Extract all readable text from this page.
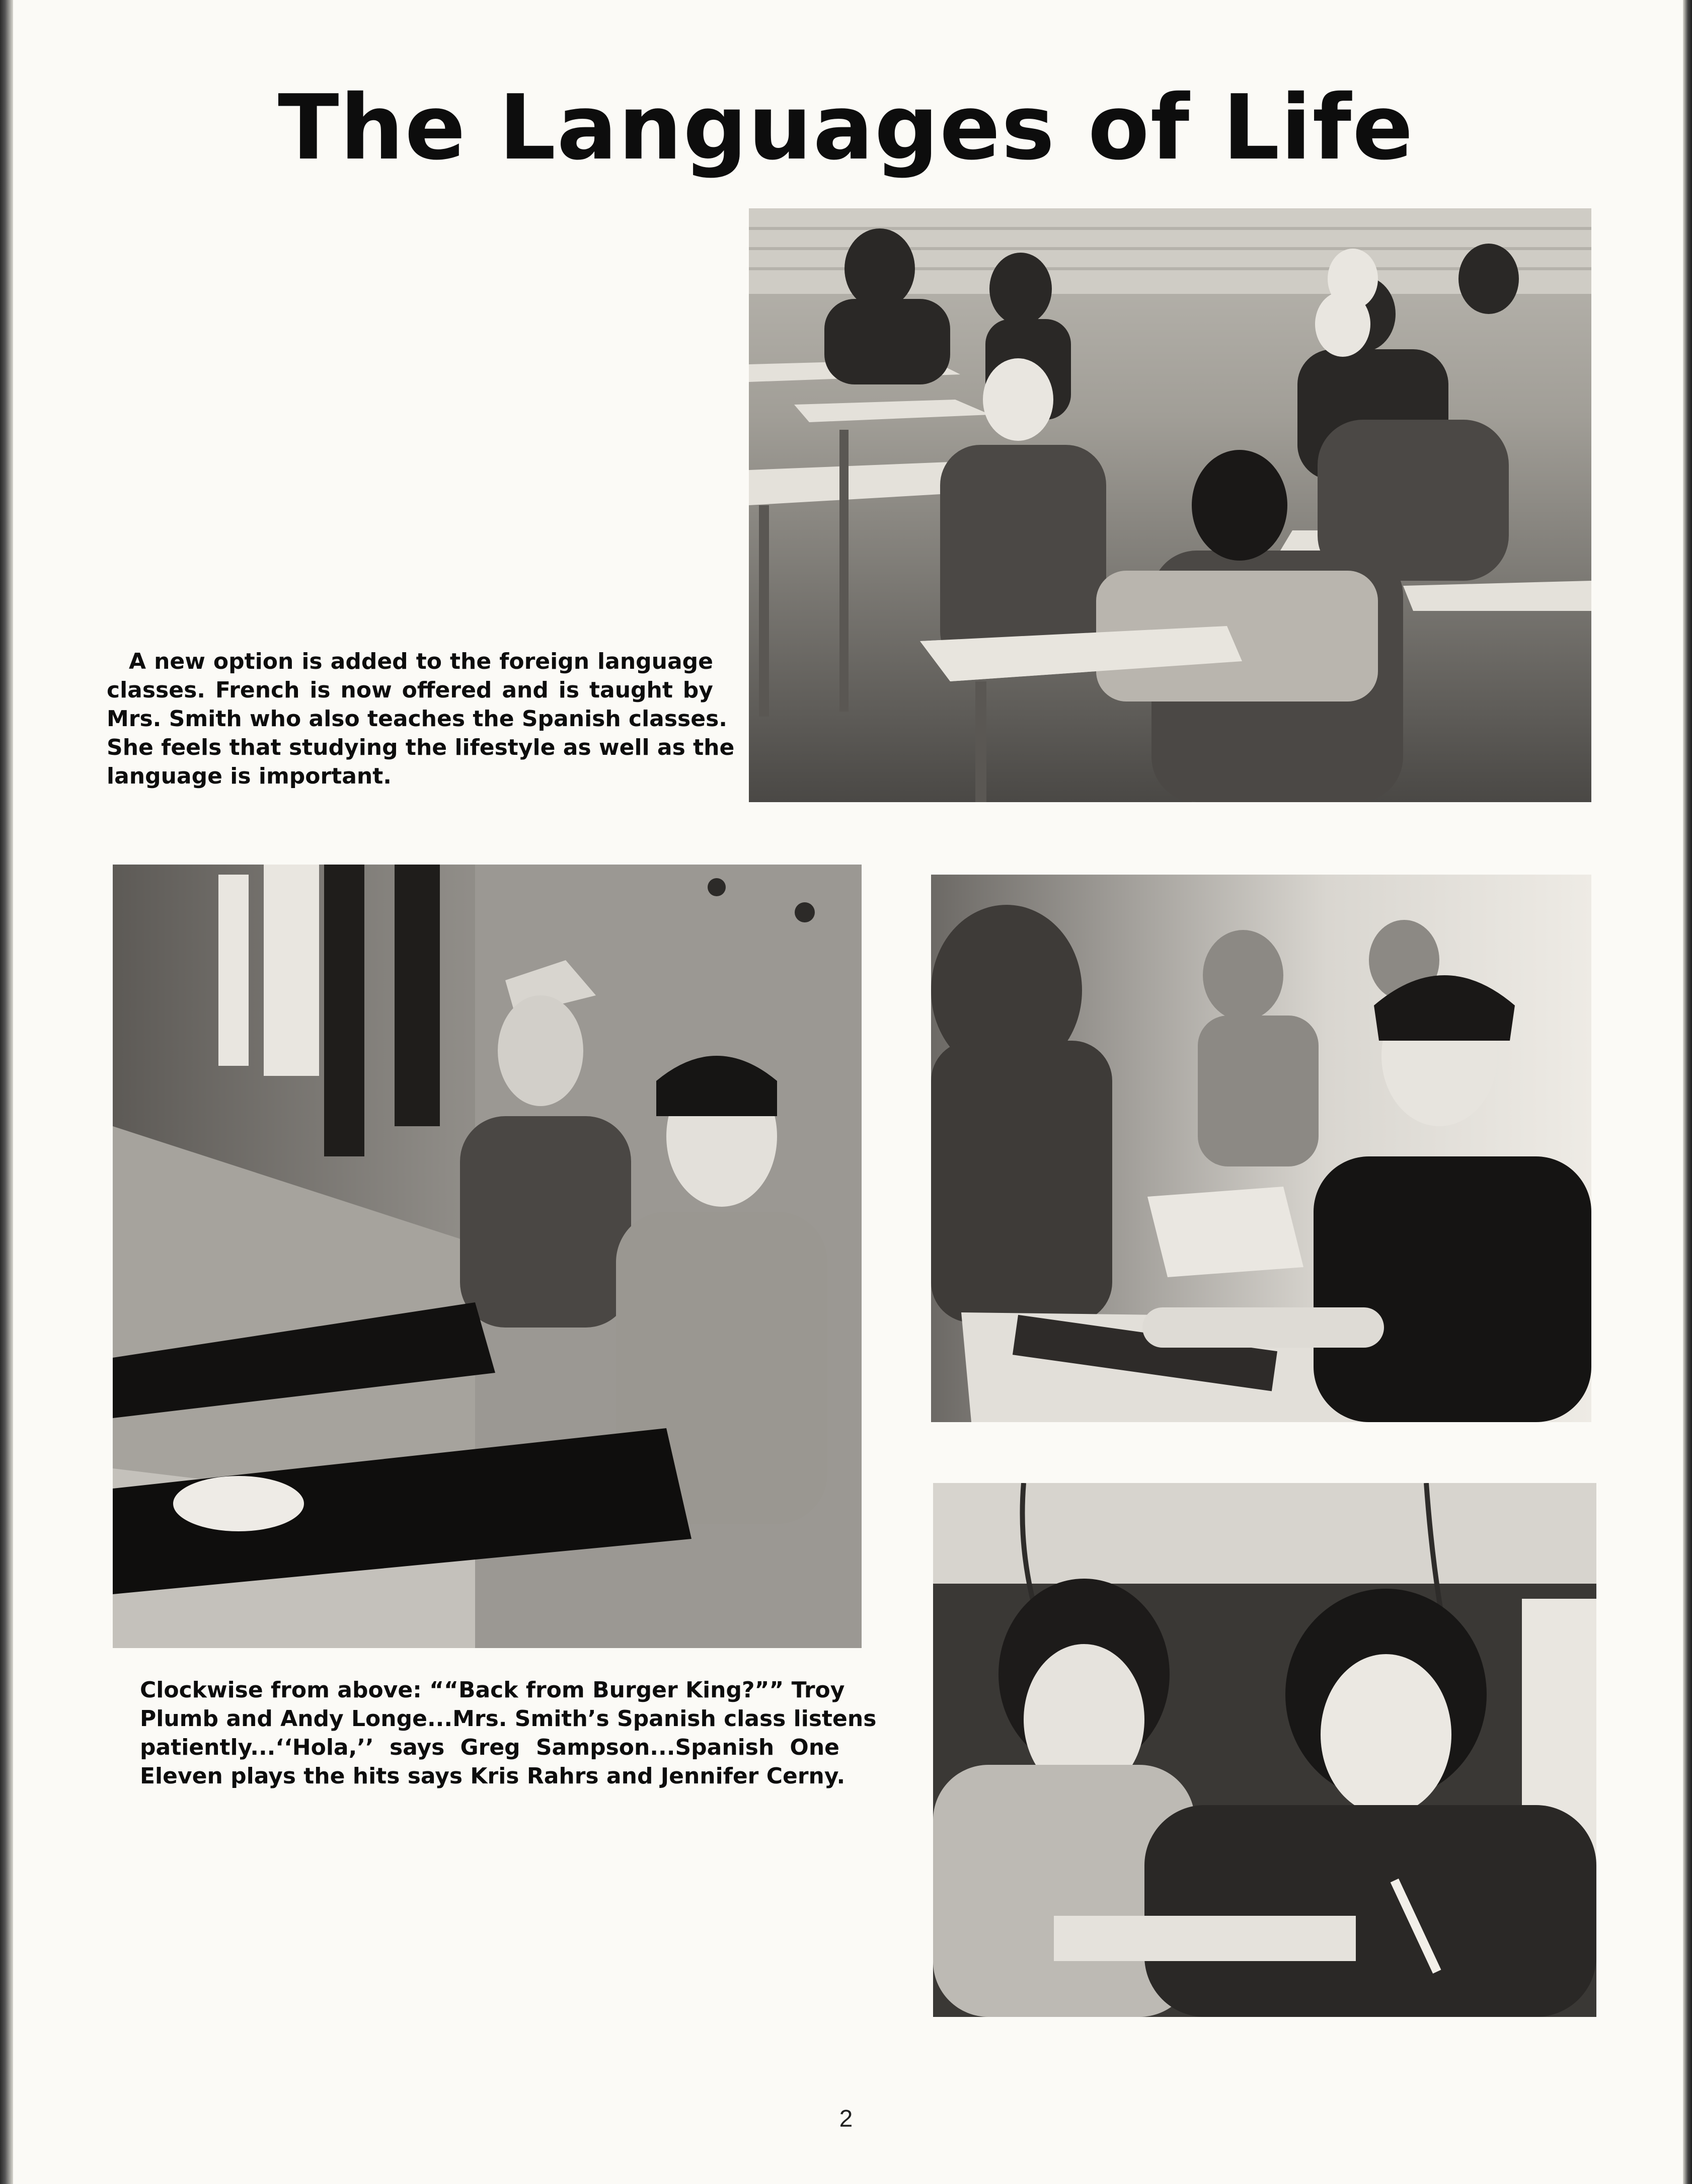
The Languages of Life
A new option is added to the foreign language
classes. French is now offered and is taught by
Mrs. Smith who also teaches the Spanish classes.
She feels that studying the lifestyle as well as the
language is important.
Clockwise from above: ““Back from Burger King?”” Troy
Plumb and Andy Longe...Mrs. Smith’s Spanish class listens
patiently...‘‘Hola,’’ says Greg Sampson...Spanish One
Eleven plays the hits says Kris Rahrs and Jennifer Cerny.
2
